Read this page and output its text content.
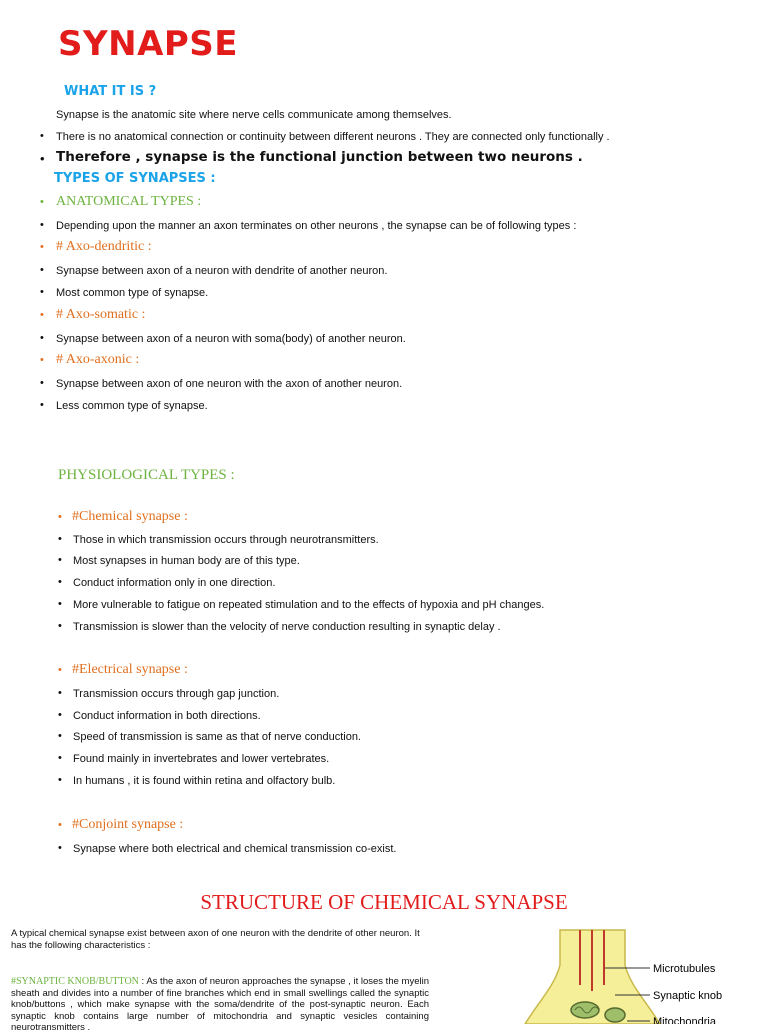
SYNAPSE
WHAT IT IS ?
Synapse is the anatomic site where nerve cells communicate among themselves.
• There is no anatomical connection or continuity between different neurons . They are connected only functionally .
• Therefore , synapse is the functional junction between two neurons .
TYPES OF SYNAPSES :
• ANATOMICAL TYPES :
• Depending upon the manner an axon terminates on other neurons , the synapse can be of following types :
• # Axo-dendritic :
• Synapse between axon of a neuron with dendrite of another neuron.
• Most common type of synapse.
• # Axo-somatic :
• Synapse between axon of a neuron with soma(body) of another neuron.
• # Axo-axonic :
• Synapse between axon of one neuron with the axon of another neuron.
• Less common type of synapse.
PHYSIOLOGICAL TYPES :
• #Chemical synapse :
• Those in which transmission occurs through neurotransmitters.
• Most synapses in human body are of this type.
• Conduct information only in one direction.
• More vulnerable to fatigue on repeated stimulation and to the effects of hypoxia and pH changes.
• Transmission is slower than the velocity of nerve conduction resulting in synaptic delay .
• #Electrical synapse :
• Transmission occurs through gap junction.
• Conduct information in both directions.
• Speed of transmission is same as that of nerve conduction.
• Found mainly in invertebrates and lower vertebrates.
• In humans , it is found within retina and olfactory bulb.
• #Conjoint synapse :
• Synapse where both electrical and chemical transmission co-exist.
STRUCTURE OF CHEMICAL SYNAPSE
A typical chemical synapse exist between axon of one neuron with the dendrite of other neuron. It has the following characteristics :
#SYNAPTIC KNOB/BUTTON : As the axon of neuron approaches the synapse , it loses the myelin sheath and divides into a number of fine branches which end in small swellings called the synaptic knob/buttons , which make synapse with the soma/dendrite of the post-synaptic neuron. Each synaptic knob contains large number of mitochondria and synaptic vesicles containing neurotransmitters .
Microtubules
Synaptic knob
Mitochondria
